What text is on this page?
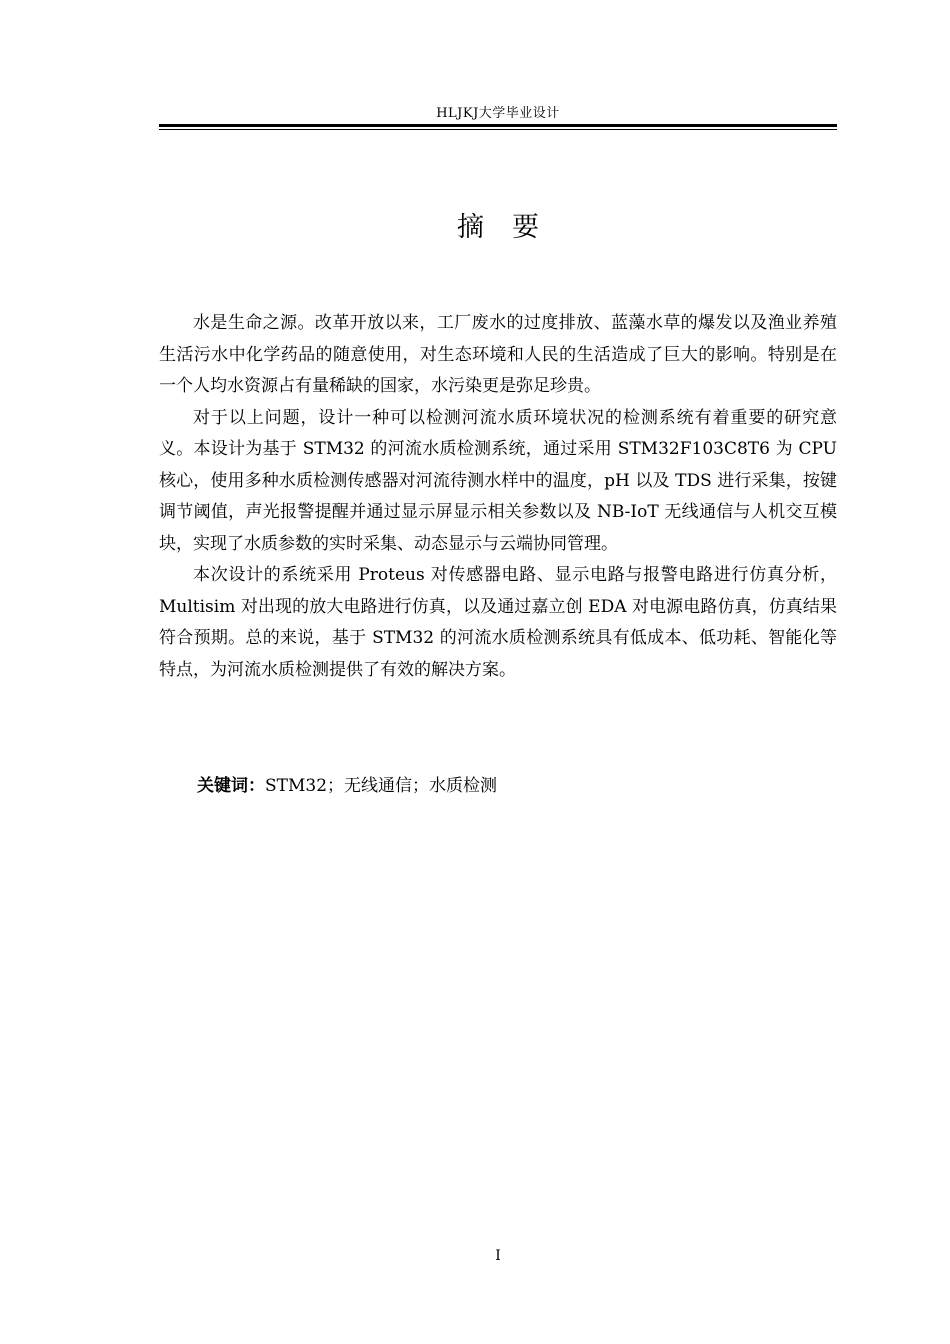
HLJKJ大学毕业设计
摘要

水是生命之源。改革开放以来，工厂废水的过度排放、蓝藻水草的爆发以及渔业养殖生活污水中化学药品的随意使用，对生态环境和人民的生活造成了巨大的影响。特别是在一个人均水资源占有量稀缺的国家，水污染更是弥足珍贵。

对于以上问题，设计一种可以检测河流水质环境状况的检测系统有着重要的研究意义。本设计为基于 STM32 的河流水质检测系统，通过采用 STM32F103C8T6 为 CPU 核心，使用多种水质检测传感器对河流待测水样中的温度，pH 以及 TDS 进行采集，按键调节阈值，声光报警提醒并通过显示屏显示相关参数以及 NB-IoT 无线通信与人机交互模块，实现了水质参数的实时采集、动态显示与云端协同管理。

本次设计的系统采用 Proteus 对传感器电路、显示电路与报警电路进行仿真分析，Multisim 对出现的放大电路进行仿真，以及通过嘉立创 EDA 对电源电路仿真，仿真结果符合预期。总的来说，基于 STM32 的河流水质检测系统具有低成本、低功耗、智能化等特点，为河流水质检测提供了有效的解决方案。

关键词：STM32；无线通信；水质检测
I
